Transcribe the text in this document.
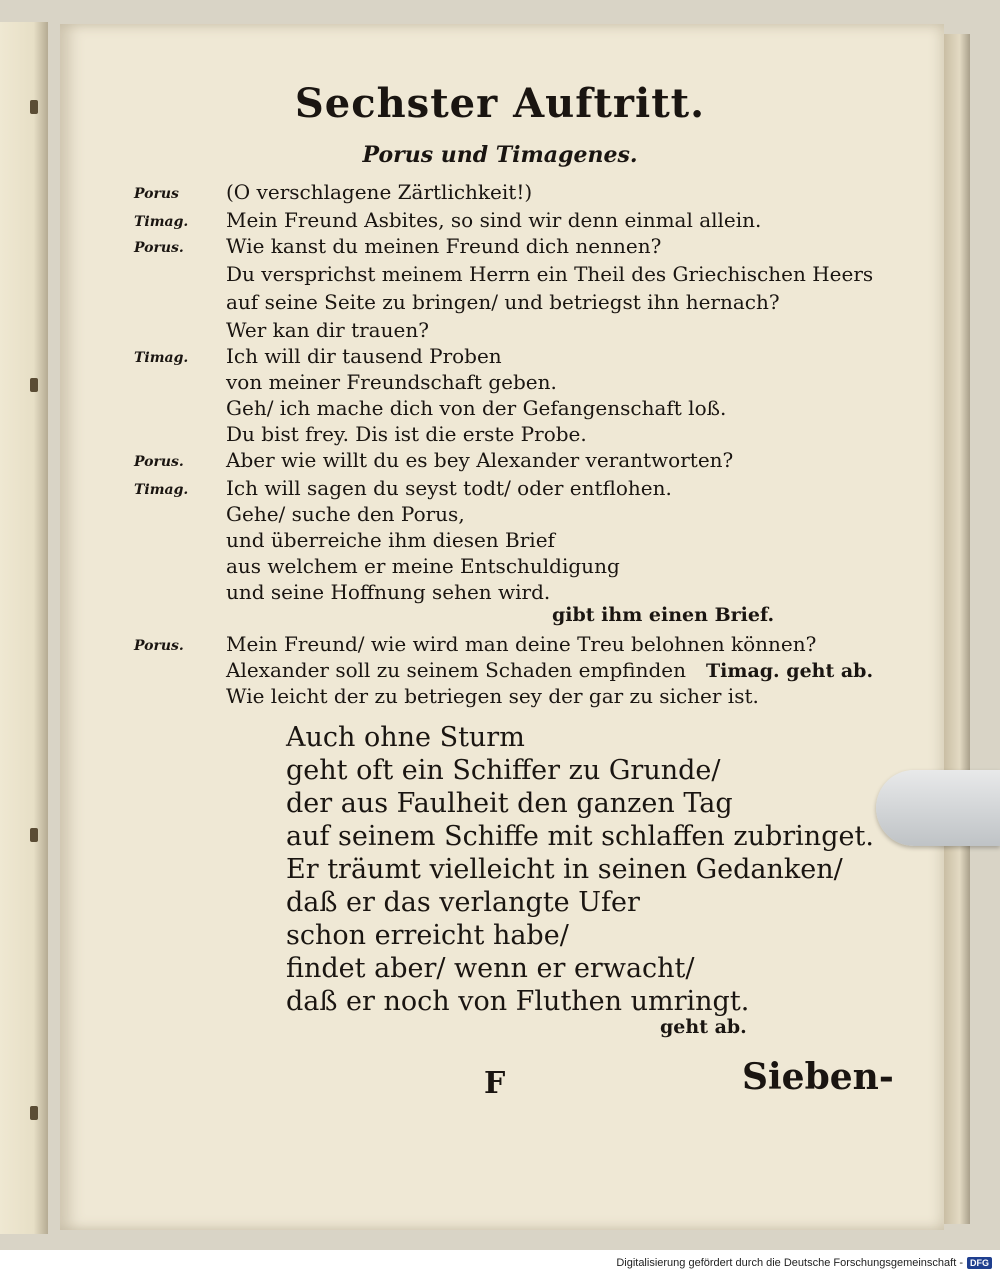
Sechster Auftritt.
Porus und Timagenes.
Porus (O verschlagene Zärtlichkeit!)
Timag. Mein Freund Asbites, so sind wir denn einmal allein.
Porus. Wie kanst du meinen Freund dich nennen?
Du versprichst meinem Herrn ein Theil des Griechischen Heers
auf seine Seite zu bringen/ und betriegst ihn hernach?
Wer kan dir trauen?
Timag. Ich will dir tausend Proben
von meiner Freundschaft geben.
Geh/ ich mache dich von der Gefangenschaft loß.
Du bist frey. Dis ist die erste Probe.
Porus. Aber wie willt du es bey Alexander verantworten?
Timag. Ich will sagen du seyst todt/ oder entflohen.
Gehe/ suche den Porus,
und überreiche ihm diesen Brief
aus welchem er meine Entschuldigung
und seine Hoffnung sehen wird.
gibt ihm einen Brief.
Porus. Mein Freund/ wie wird man deine Treu belohnen können?
Alexander soll zu seinem Schaden empfinden Timag. geht ab.
Wie leicht der zu betriegen sey der gar zu sicher ist.
Auch ohne Sturm
geht oft ein Schiffer zu Grunde/
der aus Faulheit den ganzen Tag
auf seinem Schiffe mit schlaffen zubringet.
Er träumt vielleicht in seinen Gedanken/
daß er das verlangte Ufer
schon erreicht habe/
findet aber/ wenn er erwacht/
daß er noch von Fluthen umringt.
geht ab.
F	Sieben-
Digitalisierung gefördert durch die Deutsche Forschungsgemeinschaft - DFG
